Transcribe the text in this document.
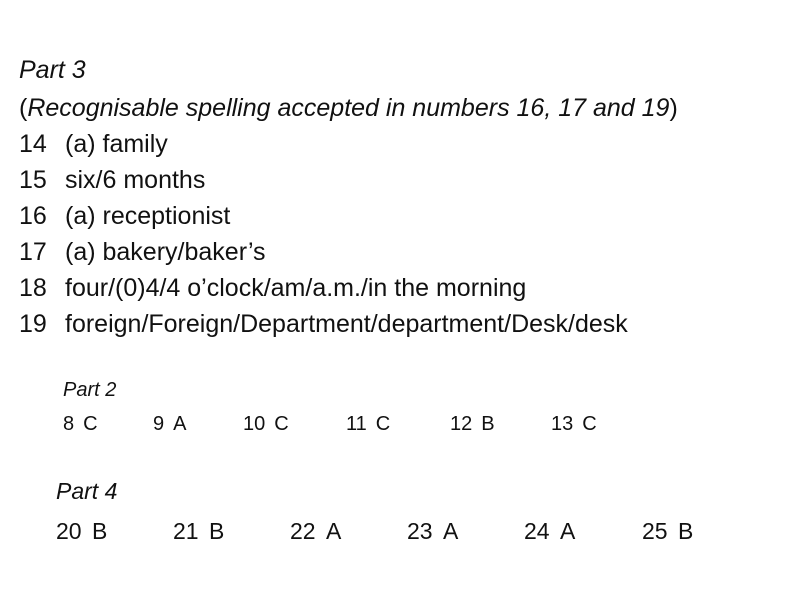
Part 3
(Recognisable spelling accepted in numbers 16, 17 and 19)
14 (a) family
15 six/6 months
16 (a) receptionist
17 (a) bakery/baker’s
18 four/(0)4/4 o’clock/am/a.m./in the morning
19 foreign/Foreign/Department/department/Desk/desk
Part 2
8 C	9 A	10 C	11 C	12 B	13 C
Part 4
20 B	21 B	22 A	23 A	24 A	25 B
